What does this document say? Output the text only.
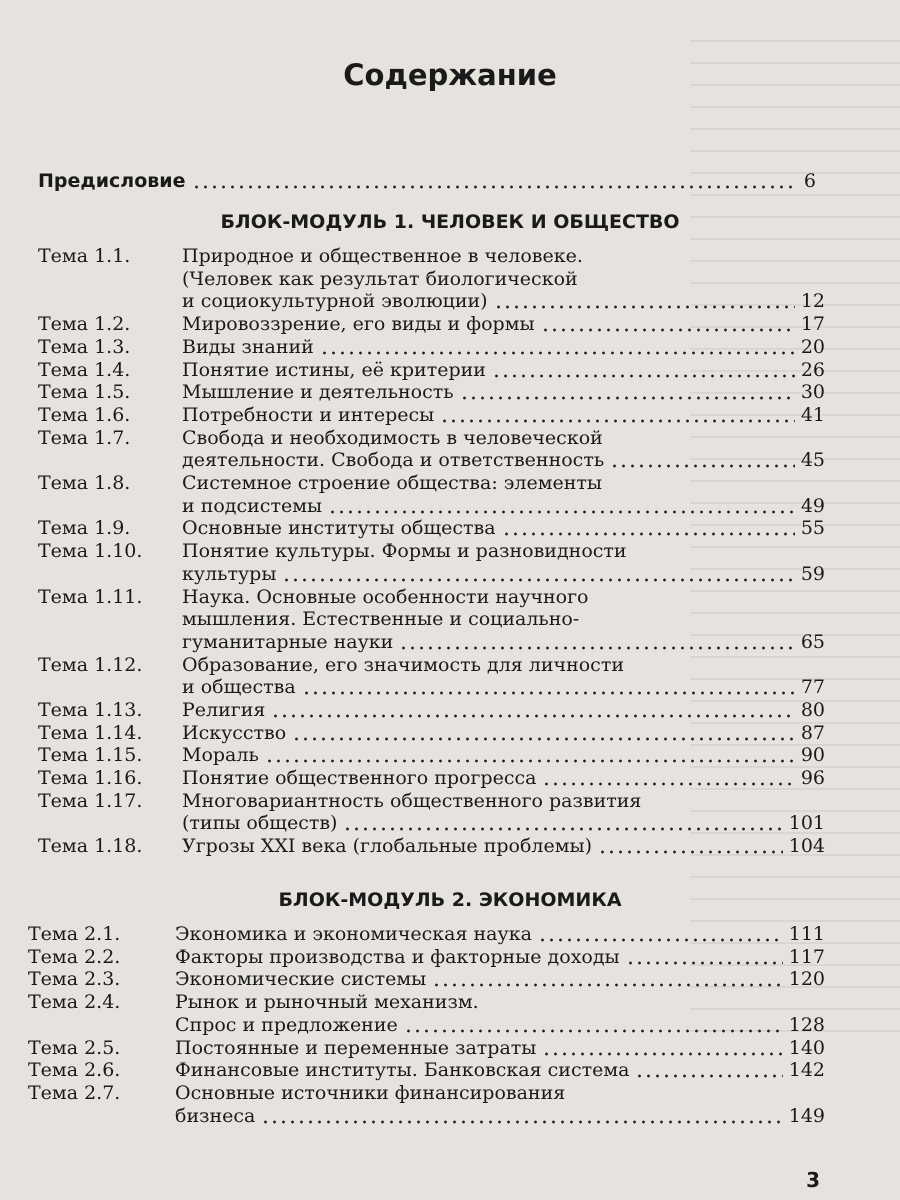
Содержание
Предисловие	6
БЛОК-МОДУЛЬ 1. ЧЕЛОВЕК И ОБЩЕСТВО
Тема 1.1.	Природное и общественное в человеке.
(Человек как результат биологической
и социокультурной эволюции)	12
Тема 1.2.	Мировоззрение, его виды и формы	17
Тема 1.3.	Виды знаний	20
Тема 1.4.	Понятие истины, её критерии	26
Тема 1.5.	Мышление и деятельность	30
Тема 1.6.	Потребности и интересы	41
Тема 1.7.	Свобода и необходимость в человеческой
деятельности. Свобода и ответственность	45
Тема 1.8.	Системное строение общества: элементы
и подсистемы	49
Тема 1.9.	Основные институты общества	55
Тема 1.10. Понятие культуры. Формы и разновидности
культуры	59
Тема 1.11. Наука. Основные особенности научного
мышления. Естественные и социально-
гуманитарные науки	65
Тема 1.12. Образование, его значимость для личности
и общества	77
Тема 1.13. Религия	80
Тема 1.14. Искусство	87
Тема 1.15. Мораль	90
Тема 1.16. Понятие общественного прогресса	96
Тема 1.17. Многовариантность общественного развития
(типы обществ)	101
Тема 1.18. Угрозы XXI века (глобальные проблемы)	104
БЛОК-МОДУЛЬ 2. ЭКОНОМИКА
Тема 2.1.	Экономика и экономическая наука	111
Тема 2.2.	Факторы производства и факторные доходы	117
Тема 2.3.	Экономические системы	120
Тема 2.4.	Рынок и рыночный механизм.
Спрос и предложение	128
Тема 2.5.	Постоянные и переменные затраты	140
Тема 2.6.	Финансовые институты. Банковская система	142
Тема 2.7.	Основные источники финансирования
бизнеса	149
3
